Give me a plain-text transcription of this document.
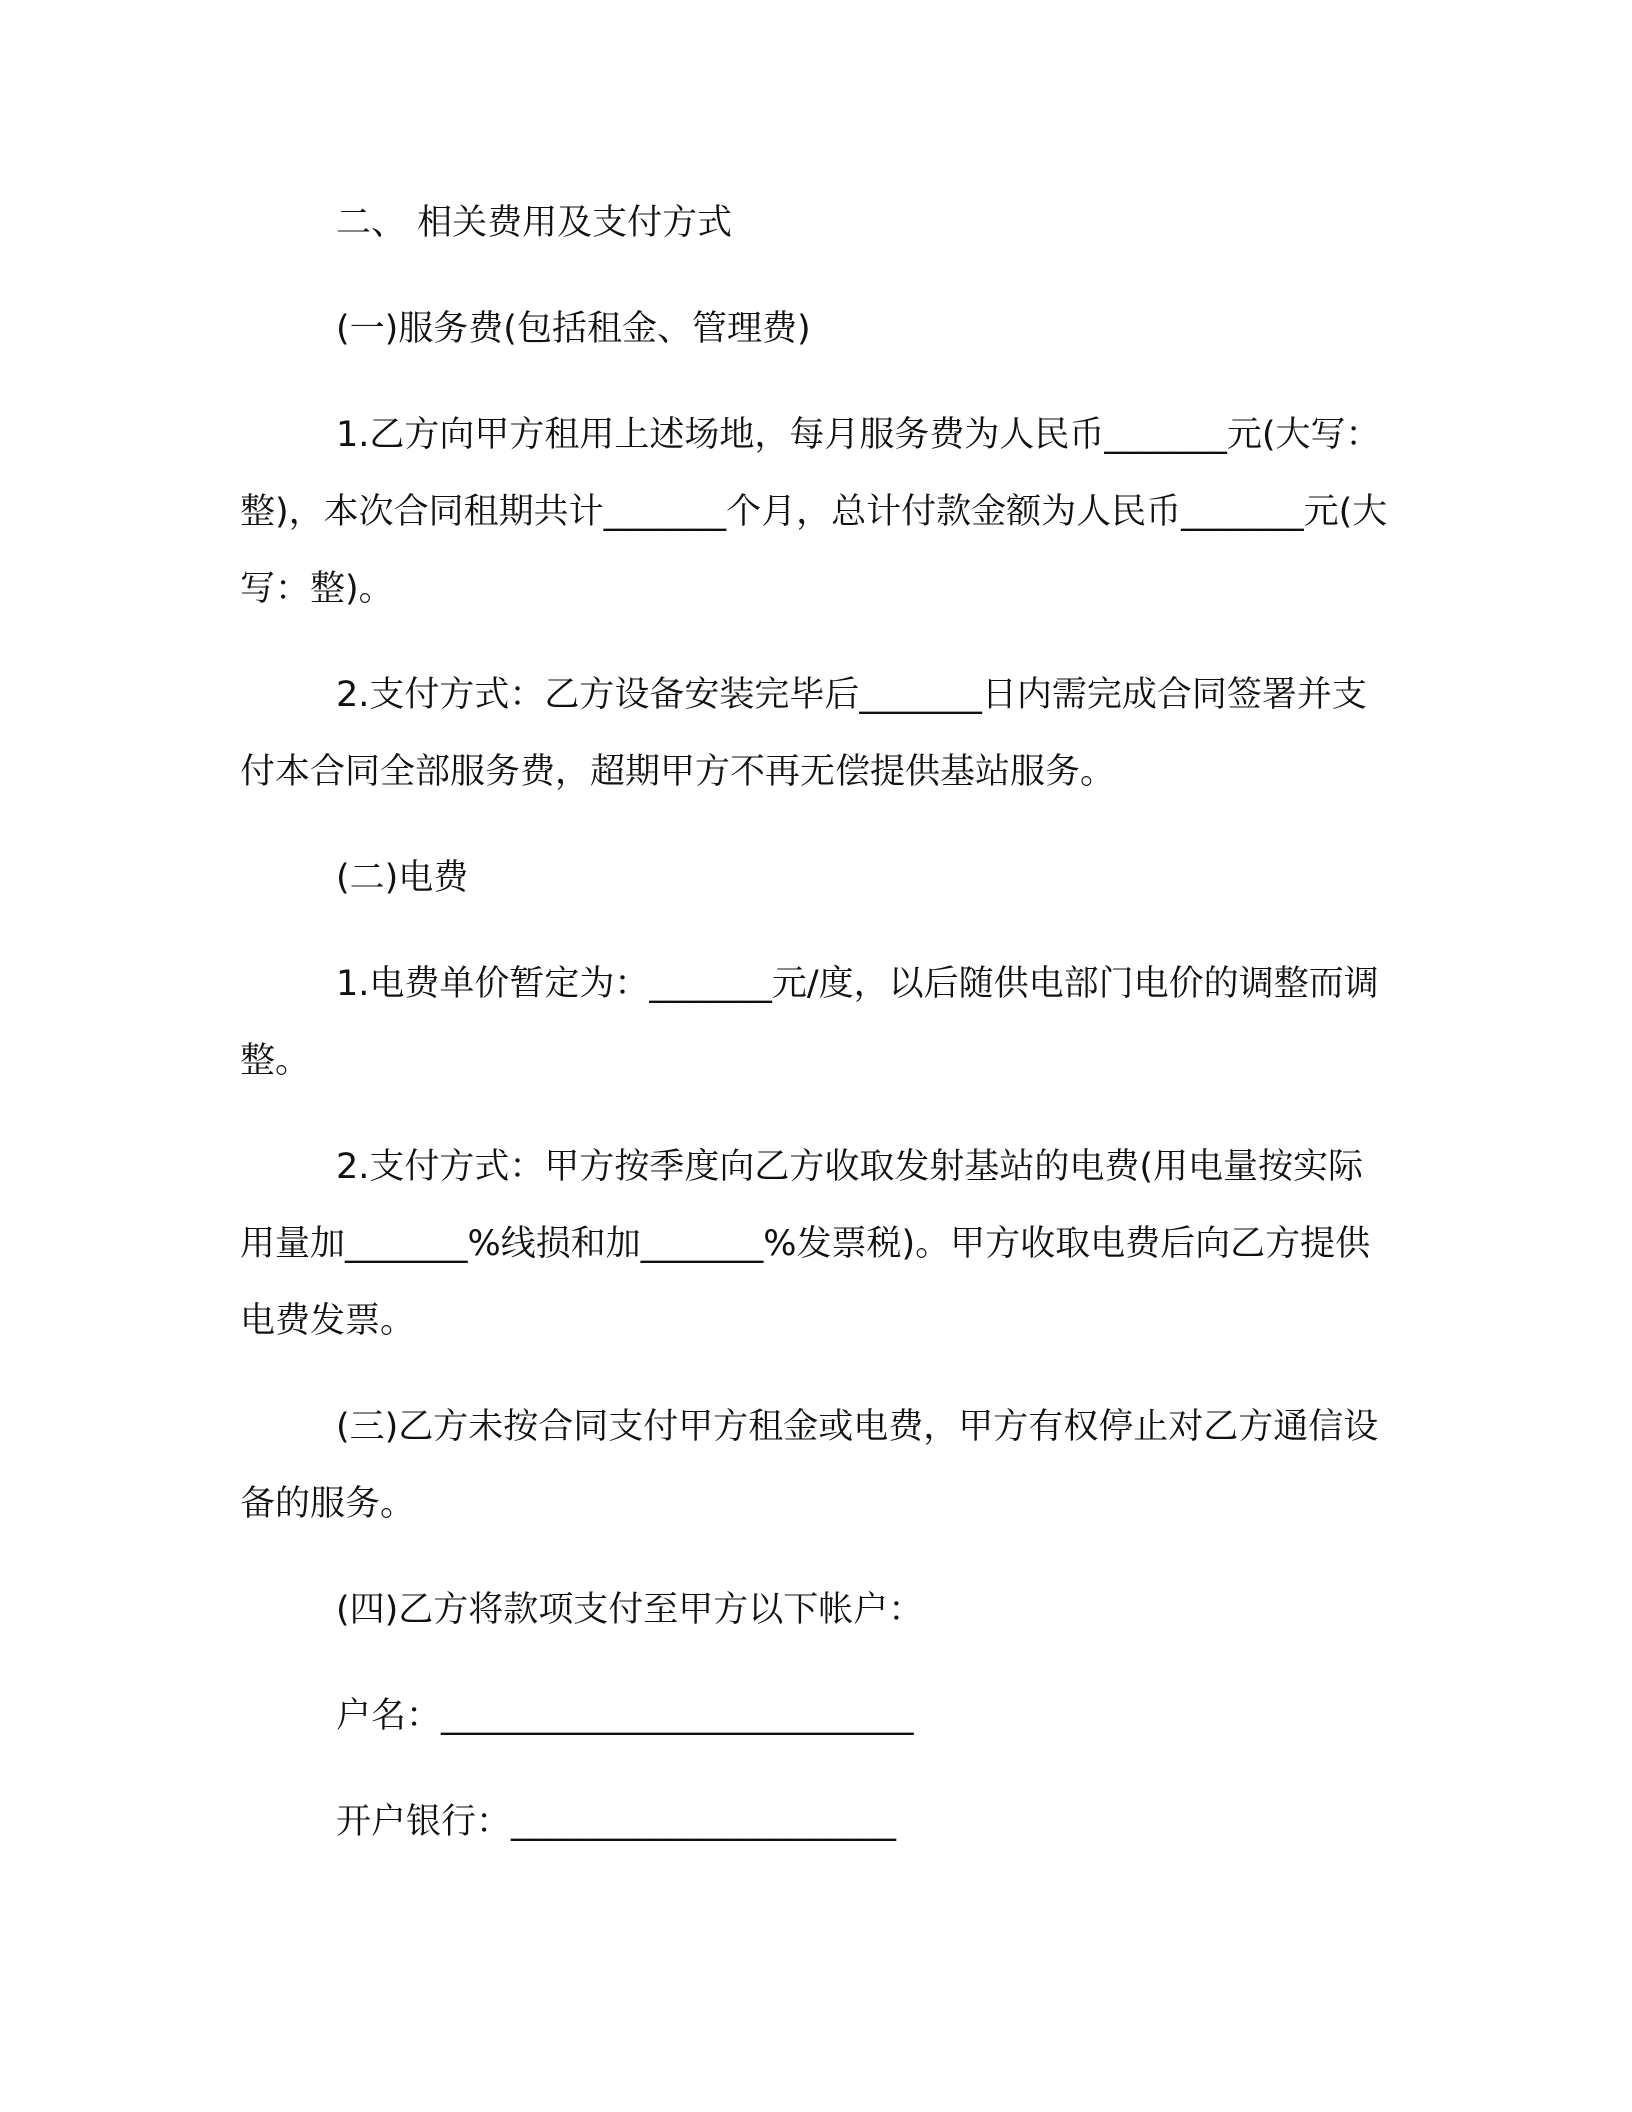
二、 相关费用及支付方式

(一)服务费(包括租金、管理费)

1.乙方向甲方租用上述场地，每月服务费为人民币_______元(大写：整)，本次合同租期共计_______个月，总计付款金额为人民币_______元(大写：整)。

2.支付方式：乙方设备安装完毕后_______日内需完成合同签署并支付本合同全部服务费，超期甲方不再无偿提供基站服务。

(二)电费

1.电费单价暂定为：_______元/度，以后随供电部门电价的调整而调整。

2.支付方式：甲方按季度向乙方收取发射基站的电费(用电量按实际用量加_______%线损和加_______%发票税)。甲方收取电费后向乙方提供电费发票。

(三)乙方未按合同支付甲方租金或电费，甲方有权停止对乙方通信设备的服务。

(四)乙方将款项支付至甲方以下帐户：

户名：___________________________

开户银行：______________________
